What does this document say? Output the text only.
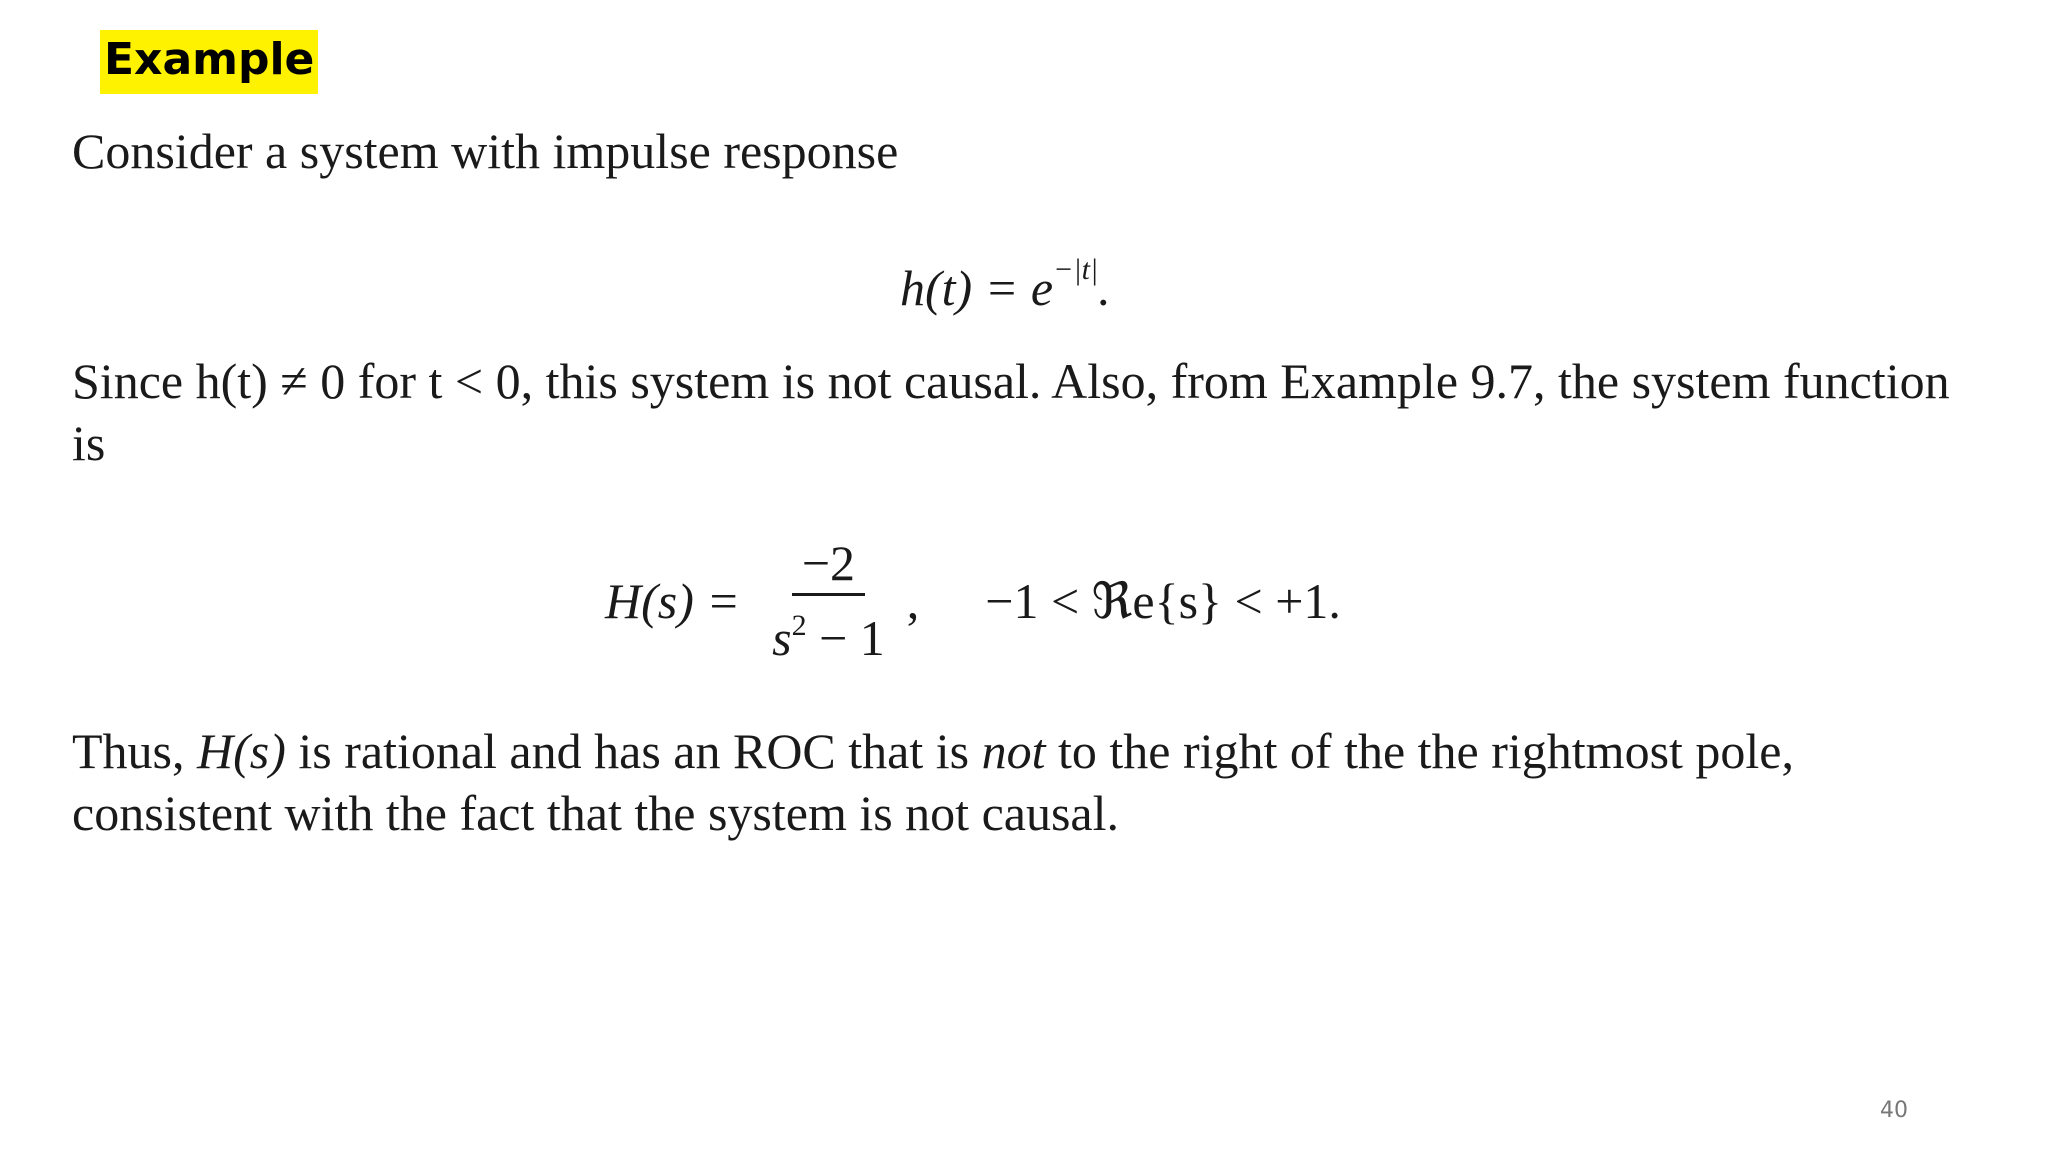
Example

Consider a system with impulse response

$h(t) = e^{-|t|}$.

Since h(t) ≠ 0 for t < 0, this system is not causal. Also, from Example 9.7, the system function is

$H(s) = \frac{-2}{s^2 - 1}$ , −1 < ℜe{s} < +1.

Thus, H(s) is rational and has an ROC that is not to the right of the the rightmost pole, consistent with the fact that the system is not causal.

40
